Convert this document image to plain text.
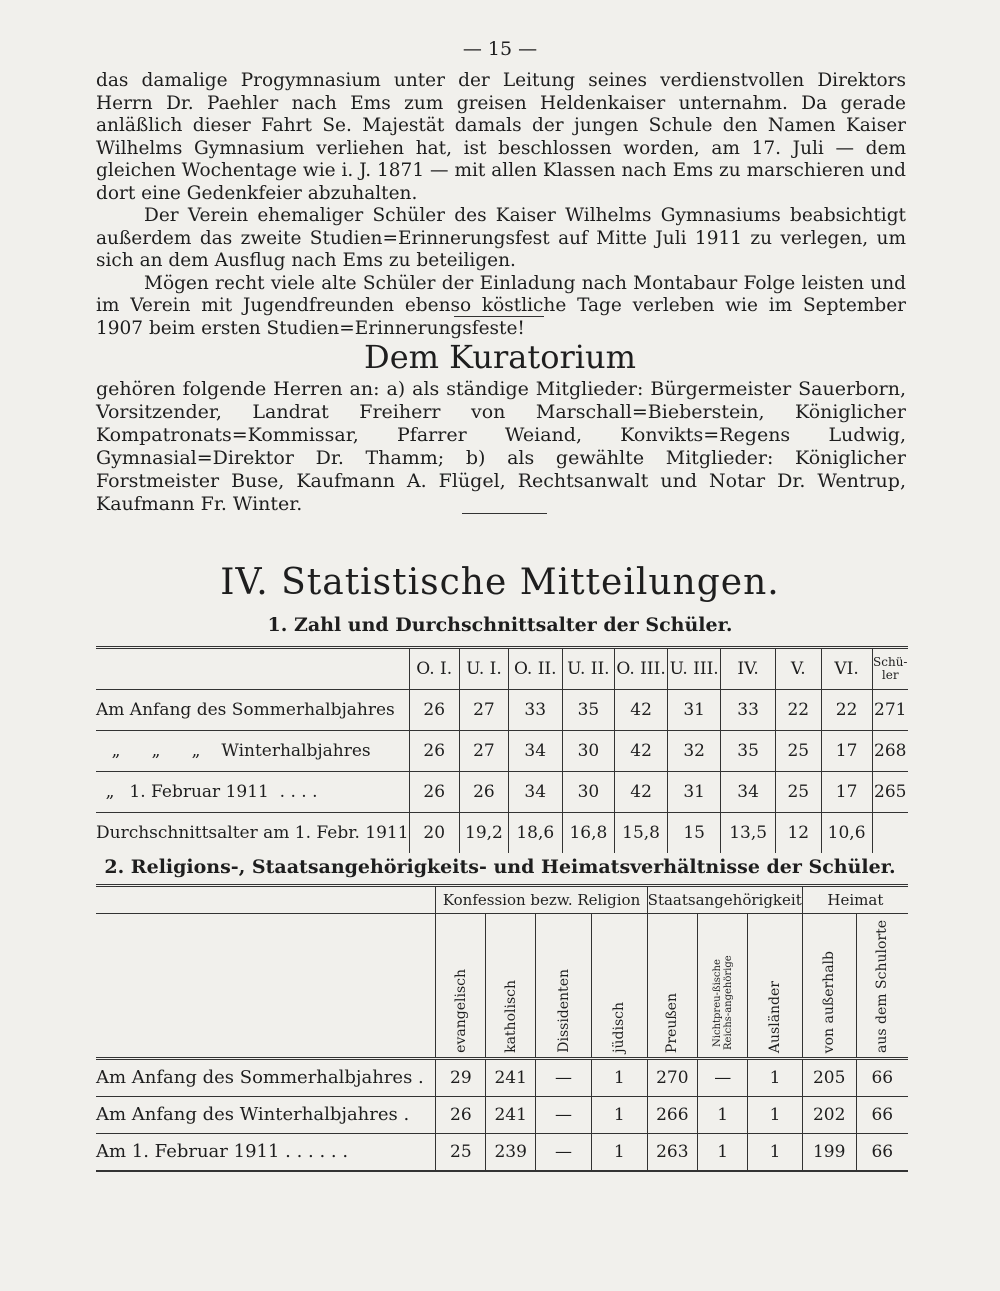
— 15 —

das damalige Progymnasium unter der Leitung seines verdienstvollen Direktors Herrn Dr. Paehler nach Ems zum greisen Heldenkaiser unternahm. Da gerade anläßlich dieser Fahrt Se. Majestät damals der jungen Schule den Namen Kaiser Wilhelms Gymnasium verliehen hat, ist beschlossen worden, am 17. Juli — dem gleichen Wochentage wie i. J. 1871 — mit allen Klassen nach Ems zu marschieren und dort eine Gedenkfeier abzuhalten.

Der Verein ehemaliger Schüler des Kaiser Wilhelms Gymnasiums beabsichtigt außerdem das zweite Studien=Erinnerungsfest auf Mitte Juli 1911 zu verlegen, um sich an dem Ausflug nach Ems zu beteiligen.

Mögen recht viele alte Schüler der Einladung nach Montabaur Folge leisten und im Verein mit Jugendfreunden ebenso köstliche Tage verleben wie im September 1907 beim ersten Studien=Erinnerungsfeste!

Dem Kuratorium

gehören folgende Herren an: a) als ständige Mitglieder: Bürgermeister Sauerborn, Vorsitzender, Landrat Freiherr von Marschall=Bieberstein, Königlicher Kompatronats=Kommissar, Pfarrer Weiand, Konvikts=Regens Ludwig, Gymnasial=Direktor Dr. Thamm; b) als gewählte Mitglieder: Königlicher Forstmeister Buse, Kaufmann A. Flügel, Rechtsanwalt und Notar Dr. Wentrup, Kaufmann Fr. Winter.

IV. Statistische Mitteilungen.
1. Zahl und Durchschnittsalter der Schüler.
	O. I.	U. I.	O. II.	U. II.	O. III.	U. III.	IV.	V.	VI.	Schü-ler
Am Anfang des Sommerhalbjahres	26	27	33	35	42	31	33	22	22	271
„ „ „ Winterhalbjahres	26	27	34	30	42	32	35	25	17	268
„ 1. Februar 1911 . . . .	26	26	34	30	42	31	34	25	17	265
Durchschnittsalter am 1. Febr. 1911	20	19,2	18,6	16,8	15,8	15	13,5	12	10,6	
2. Religions-, Staatsangehörigkeits- und Heimatsverhältnisse der Schüler.
	Konfession bezw. Religion				Staatsangehörigkeit			Heimat	
	evangelisch	katholisch	Dissidenten	jüdisch	Preußen	Nichtpreu-ßische Reichs-angehörige	Ausländer	von außerhalb	aus dem Schulorte
Am Anfang des Sommerhalbjahres .	29	241	—	1	270	—	1	205	66
Am Anfang des Winterhalbjahres .	26	241	—	1	266	1	1	202	66
Am 1. Februar 1911 . . . . . .	25	239	—	1	263	1	1	199	66
